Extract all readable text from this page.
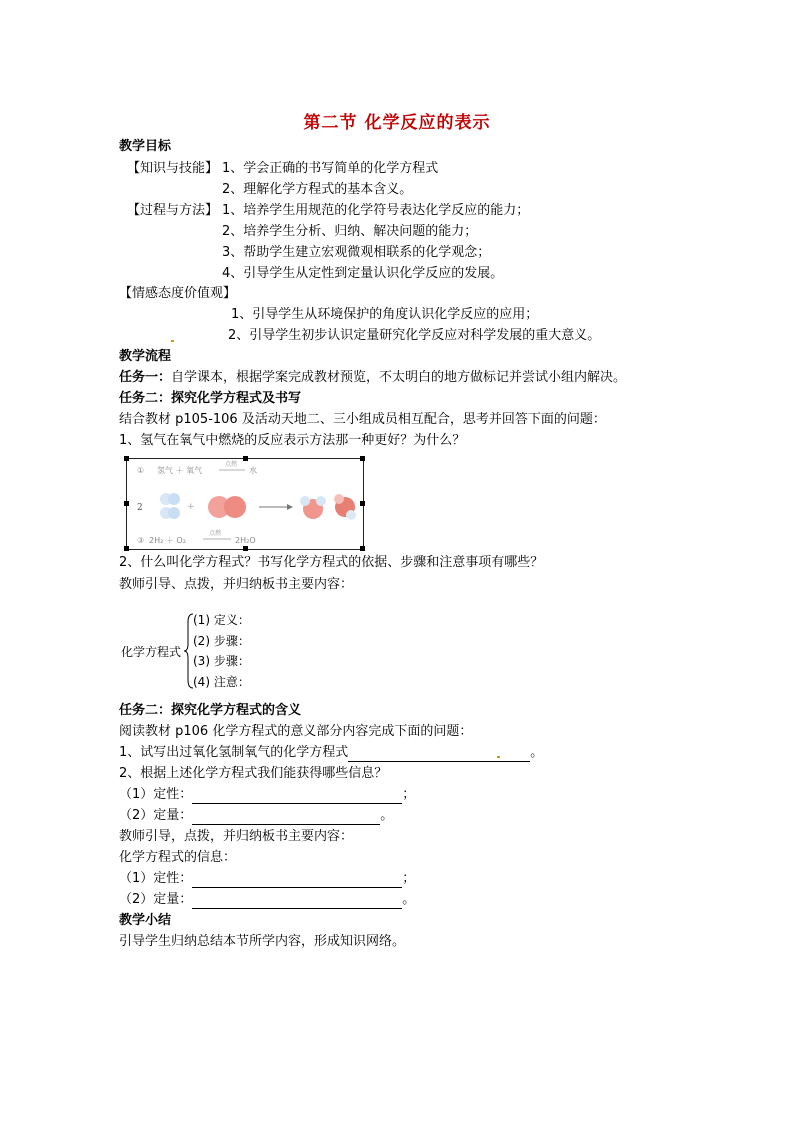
第二节 化学反应的表示
教学目标
【知识与技能】 1、学会正确的书写简单的化学方程式
2、理解化学方程式的基本含义。
【过程与方法】 1、培养学生用规范的化学符号表达化学反应的能力；
2、培养学生分析、归纳、解决问题的能力；
3、帮助学生建立宏观微观相联系的化学观念；
4、引导学生从定性到定量认识化学反应的发展。
【情感态度价值观】
1、引导学生从环境保护的角度认识化学反应的应用；
2、引导学生初步认识定量研究化学反应对科学发展的重大意义。
教学流程
任务一：自学课本，根据学案完成教材预览，不太明白的地方做标记并尝试小组内解决。
任务二：探究化学方程式及书写
结合教材 p105-106 及活动天地二、三小组成员相互配合，思考并回答下面的问题：
1、氢气在氧气中燃烧的反应表示方法那一种更好？为什么？
① 氢气 ＋ 氧气
点燃
水
2	+
③ 2H₂ ＋ O₂
点燃
2H₂O
2、什么叫化学方程式？书写化学方程式的依据、步骤和注意事项有哪些？
教师引导、点拨，并归纳板书主要内容：
化学方程式
(1) 定义：
(2) 步骤：
(3) 步骤：
(4) 注意：
任务二：探究化学方程式的含义
阅读教材 p106 化学方程式的意义部分内容完成下面的问题：
1、试写出过氧化氢制氧气的化学方程式	。
2、根据上述化学方程式我们能获得哪些信息？
（1）定性：	；
（2）定量：	。
教师引导，点拨，并归纳板书主要内容：
化学方程式的信息：
（1）定性：	；
（2）定量：	。
教学小结
引导学生归纳总结本节所学内容，形成知识网络。
